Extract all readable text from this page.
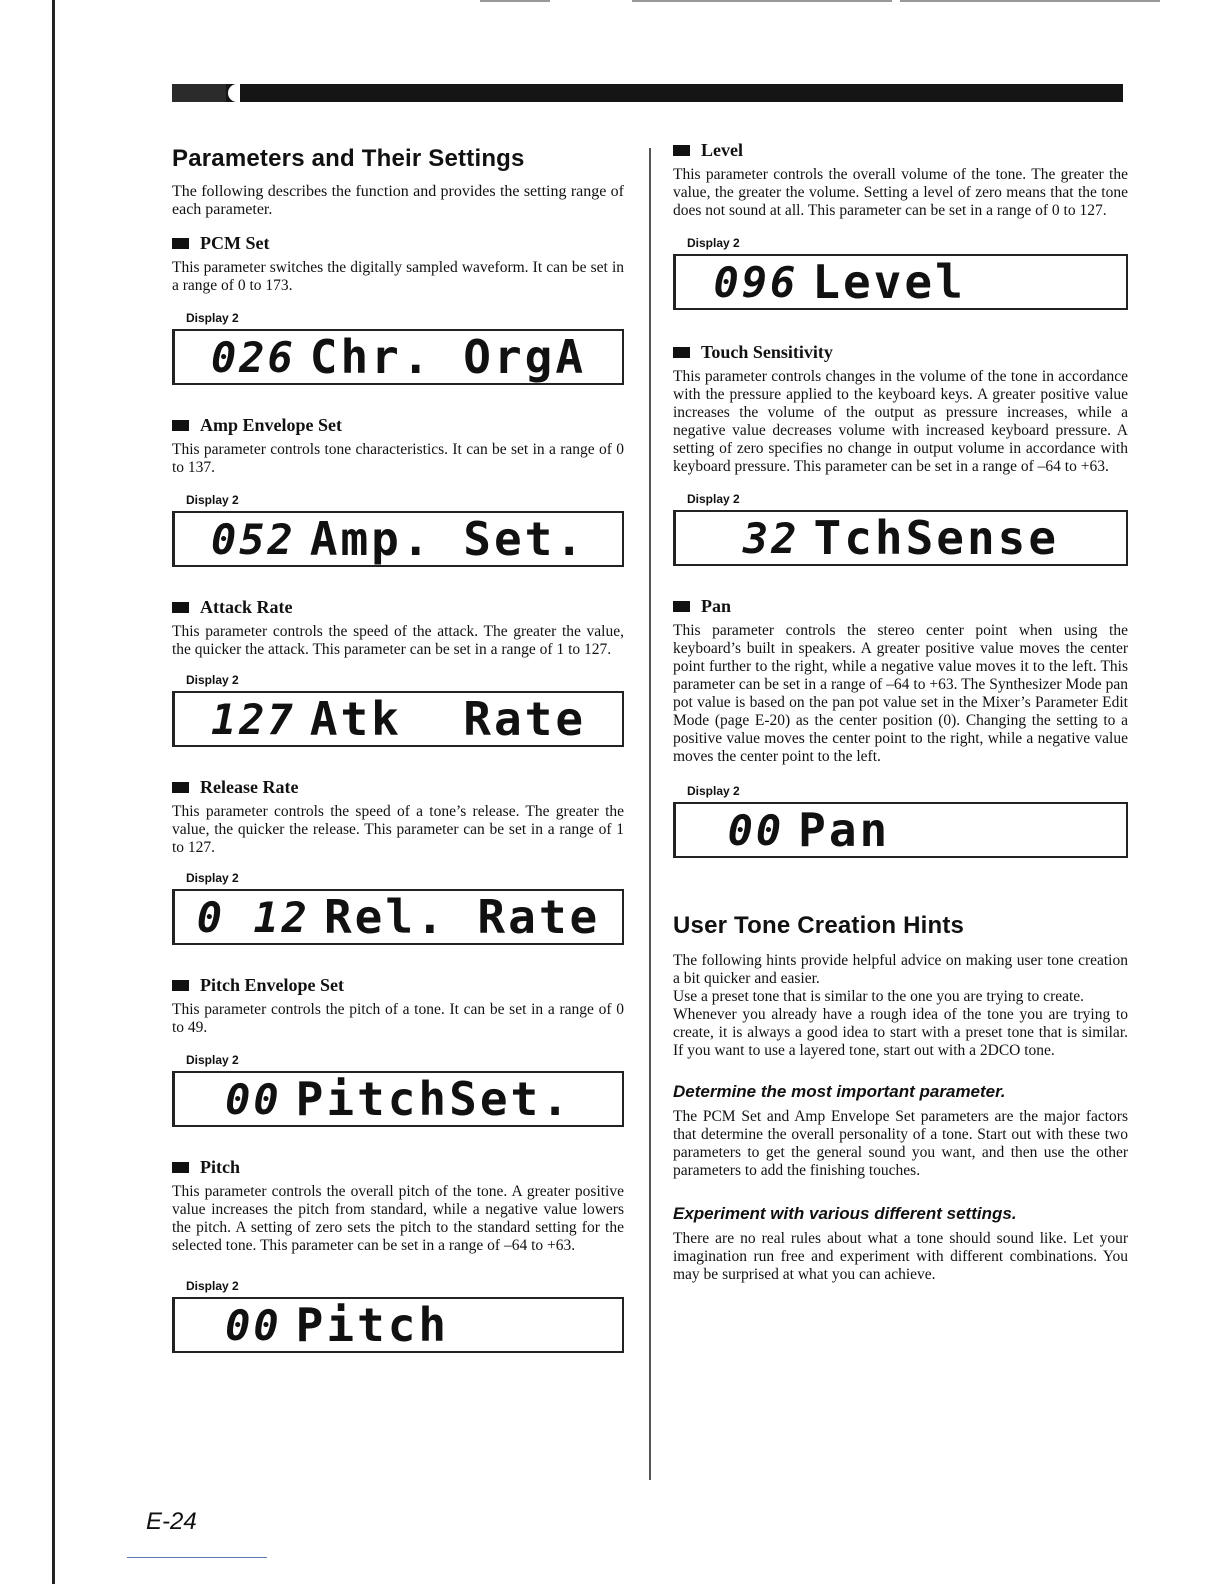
Parameters and Their Settings

The following describes the function and provides the setting range of each parameter.

PCM Set

This parameter switches the digitally sampled waveform. It can be set in a range of 0 to 173.

Display 2
026 Chr. OrgA
Amp Envelope Set

This parameter controls tone characteristics. It can be set in a range of 0 to 137.

Display 2
052 Amp. Set.
Attack Rate

This parameter controls the speed of the attack. The greater the value, the quicker the attack. This parameter can be set in a range of 1 to 127.

Display 2
127 Atk  Rate
Release Rate

This parameter controls the speed of a tone’s release. The greater the value, the quicker the release. This parameter can be set in a range of 1 to 127.

Display 2
0 12 Rel. Rate
Pitch Envelope Set

This parameter controls the pitch of a tone. It can be set in a range of 0 to 49.

Display 2
00 PitchSet.
Pitch

This parameter controls the overall pitch of the tone. A greater positive value increases the pitch from standard, while a negative value lowers the pitch. A setting of zero sets the pitch to the standard setting for the selected tone. This parameter can be set in a range of –64 to +63.

Display 2
00 Pitch
Level

This parameter controls the overall volume of the tone. The greater the value, the greater the volume. Setting a level of zero means that the tone does not sound at all. This parameter can be set in a range of 0 to 127.

Display 2
096 Level
Touch Sensitivity

This parameter controls changes in the volume of the tone in accordance with the pressure applied to the keyboard keys. A greater positive value increases the volume of the output as pressure increases, while a negative value decreases volume with increased keyboard pressure. A setting of zero specifies no change in output volume in accordance with keyboard pressure. This parameter can be set in a range of –64 to +63.

Display 2
32 TchSense
Pan

This parameter controls the stereo center point when using the keyboard’s built in speakers. A greater positive value moves the center point further to the right, while a negative value moves it to the left. This parameter can be set in a range of –64 to +63. The Synthesizer Mode pan pot value is based on the pan pot value set in the Mixer’s Parameter Edit Mode (page E-20) as the center position (0). Changing the setting to a positive value moves the center point to the right, while a negative value moves the center point to the left.

Display 2
00 Pan
User Tone Creation Hints

The following hints provide helpful advice on making user tone creation a bit quicker and easier.

Use a preset tone that is similar to the one you are trying to create.

Whenever you already have a rough idea of the tone you are trying to create, it is always a good idea to start with a preset tone that is similar. If you want to use a layered tone, start out with a 2DCO tone.

Determine the most important parameter.

The PCM Set and Amp Envelope Set parameters are the major factors that determine the overall personality of a tone. Start out with these two parameters to get the general sound you want, and then use the other parameters to add the finishing touches.

Experiment with various different settings.

There are no real rules about what a tone should sound like. Let your imagination run free and experiment with different combinations. You may be surprised at what you can achieve.

E-24
